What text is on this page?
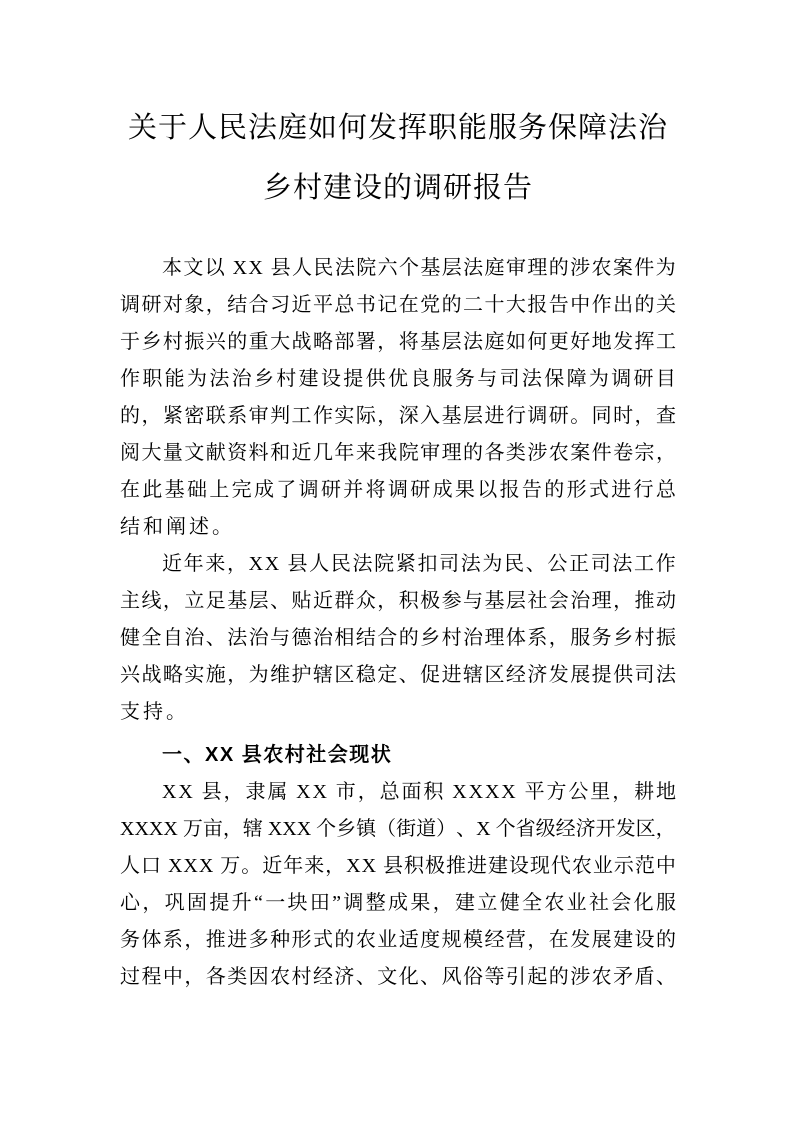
关于人民法庭如何发挥职能服务保障法治
乡村建设的调研报告
本 文 以
X X
县 人 民 法 院 六 个 基 层 法 庭 审 理 的 涉 农 案 件 为
调 研 对 象 ， 结 合 习 近 平 总 书 记 在 党 的 二 十 大 报 告 中 作 出 的 关
于 乡 村 振 兴 的 重 大 战 略 部 署 ， 将 基 层 法 庭 如 何 更 好 地 发 挥 工
作 职 能 为 法 治 乡 村 建 设 提 供 优 良 服 务 与 司 法 保 障 为 调 研 目
的 ， 紧 密 联 系 审 判 工 作 实 际 ， 深 入 基 层 进 行 调 研 。 同 时 ， 查
阅 大 量 文 献 资 料 和 近 几 年 来 我 院 审 理 的 各 类 涉 农 案 件 卷 宗 ，
在 此 基 础 上 完 成 了 调 研 并 将 调 研 成 果 以 报 告 的 形 式 进 行 总
结和阐述。
近 年 来 ， X X
县 人 民 法 院 紧 扣 司 法 为 民 、 公 正 司 法 工 作
主 线 ， 立 足 基 层 、 贴 近 群 众 ， 积 极 参 与 基 层 社 会 治 理 ， 推 动
健 全 自 治 、 法 治 与 德 治 相 结 合 的 乡 村 治 理 体 系 ， 服 务 乡 村 振
兴 战 略 实 施 ， 为 维 护 辖 区 稳 定 、 促 进 辖 区 经 济 发 展 提 供 司 法
支持。
一、XX 县农村社会现状
X X
县 ， 隶 属
X X
市 ， 总 面 积
X X X X
平 方 公 里 ， 耕 地
X X X X
万 亩 ， 辖
X X X
个 乡 镇 （ 街 道 ） 、 X
个 省 级 经 济 开 发 区 ，
人 口
X X X
万 。 近 年 来 ， X X
县 积 极 推 进 建 设 现 代 农 业 示 范 中
心 ， 巩 固 提 升 “ 一 块 田 ” 调 整 成 果 ， 建 立 健 全 农 业 社 会 化 服
务 体 系 ， 推 进 多 种 形 式 的 农 业 适 度 规 模 经 营 ， 在 发 展 建 设 的
过 程 中 ， 各 类 因 农 村 经 济 、 文 化 、 风 俗 等 引 起 的 涉 农 矛 盾 、
